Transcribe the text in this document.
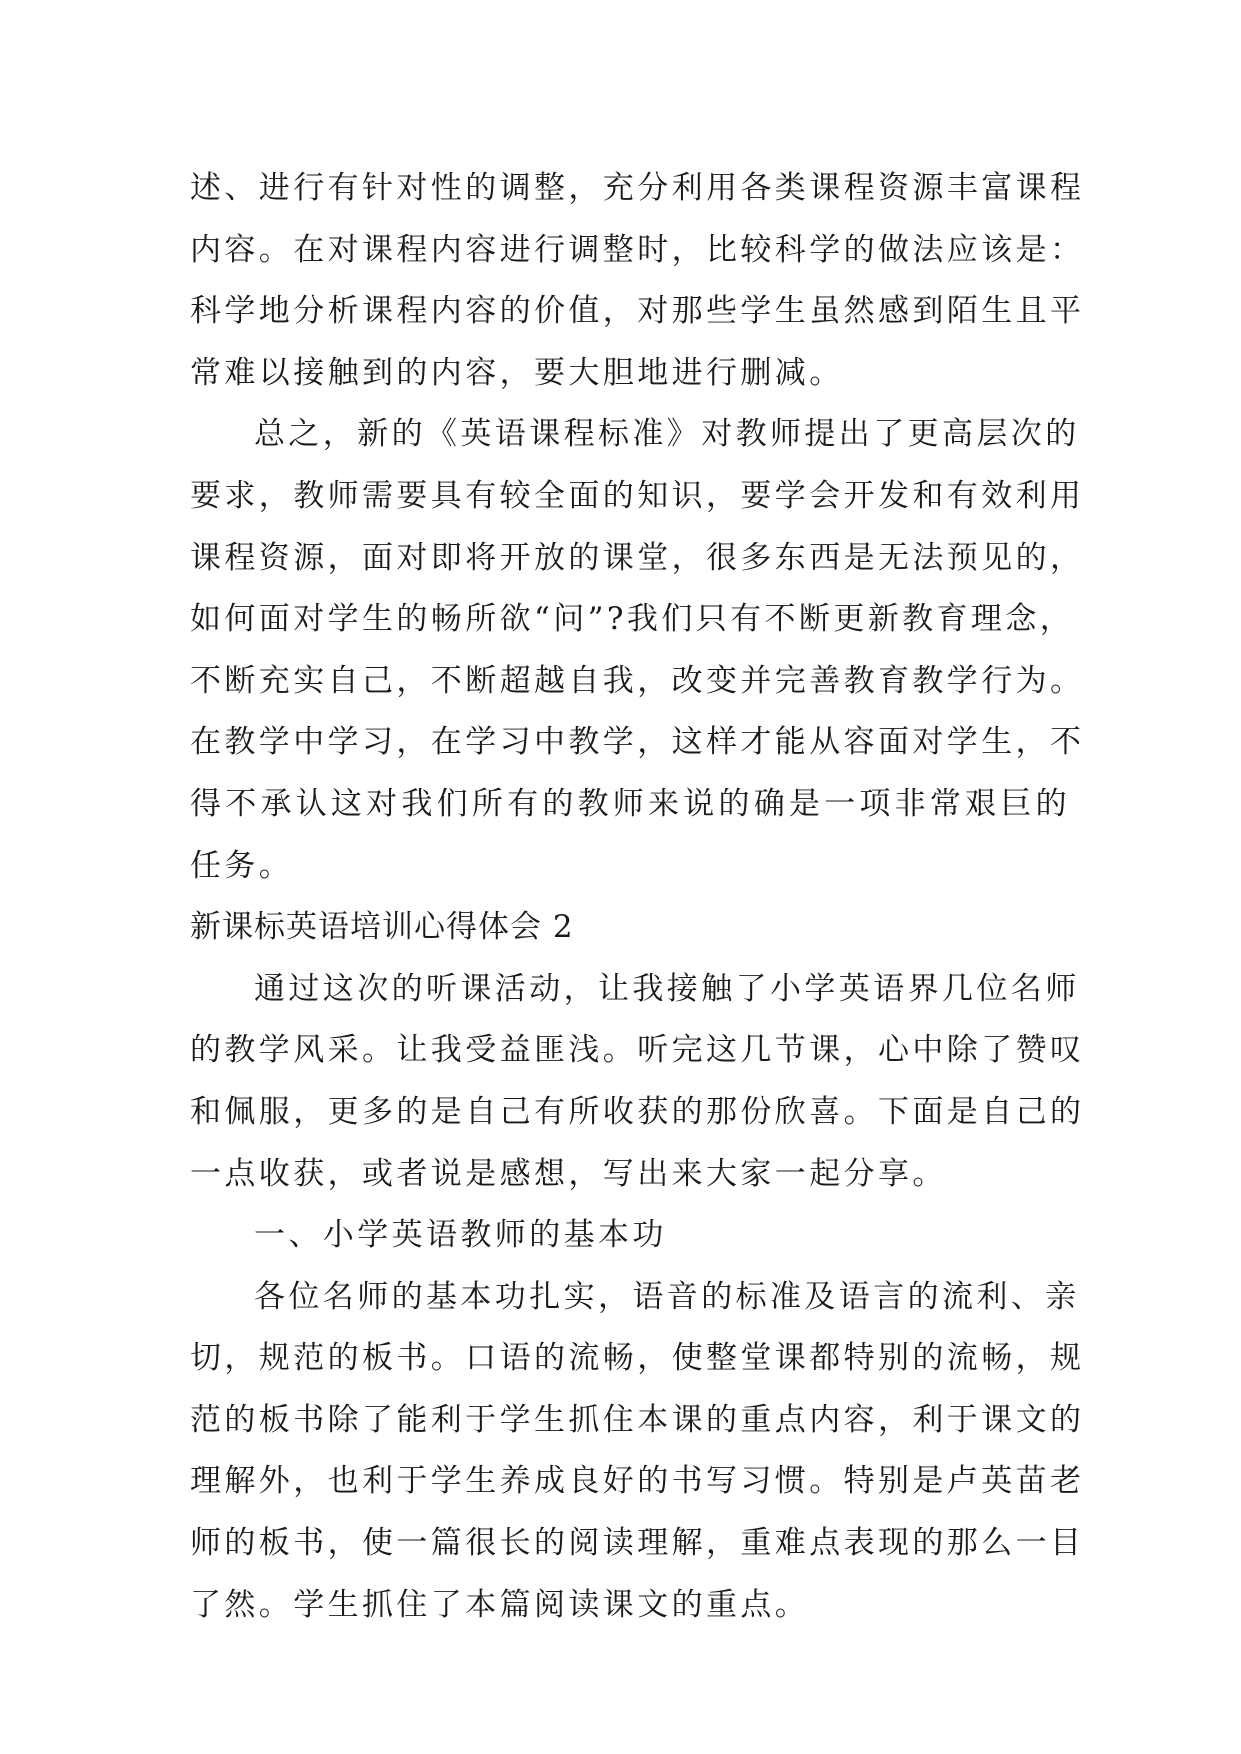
述、进行有针对性的调整，充分利用各类课程资源丰富课程
内容。在对课程内容进行调整时，比较科学的做法应该是：
科学地分析课程内容的价值，对那些学生虽然感到陌生且平
常难以接触到的内容，要大胆地进行删减。
总之，新的《英语课程标准》对教师提出了更高层次的
要求，教师需要具有较全面的知识，要学会开发和有效利用
课程资源，面对即将开放的课堂，很多东西是无法预见的，
如何面对学生的畅所欲“问”?我们只有不断更新教育理念，
不断充实自己，不断超越自我，改变并完善教育教学行为。
在教学中学习，在学习中教学，这样才能从容面对学生，不
得不承认这对我们所有的教师来说的确是一项非常艰巨的
任务。
新课标英语培训心得体会 2
通过这次的听课活动，让我接触了小学英语界几位名师
的教学风采。让我受益匪浅。听完这几节课，心中除了赞叹
和佩服，更多的是自己有所收获的那份欣喜。下面是自己的
一点收获，或者说是感想，写出来大家一起分享。
一、小学英语教师的基本功
各位名师的基本功扎实，语音的标准及语言的流利、亲
切，规范的板书。口语的流畅，使整堂课都特别的流畅，规
范的板书除了能利于学生抓住本课的重点内容，利于课文的
理解外，也利于学生养成良好的书写习惯。特别是卢英苗老
师的板书，使一篇很长的阅读理解，重难点表现的那么一目
了然。学生抓住了本篇阅读课文的重点。
